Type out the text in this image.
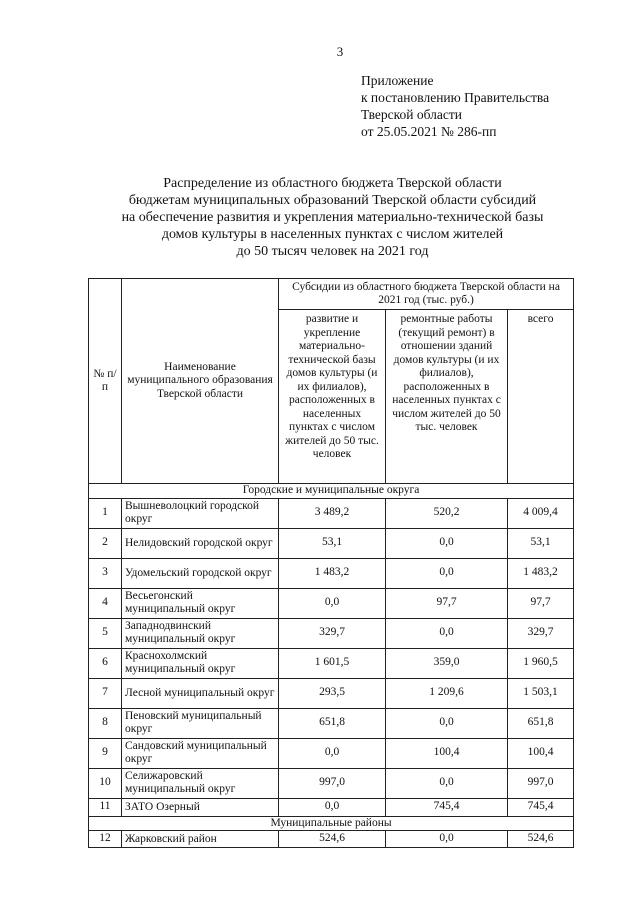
3
Приложение
к постановлению Правительства
Тверской области
от 25.05.2021 № 286-пп
Распределение из областного бюджета Тверской области
бюджетам муниципальных образований Тверской области субсидий
на обеспечение развития и укрепления материально-технической базы
домов культуры в населенных пунктах с числом жителей
до 50 тысяч человек на 2021 год
№ п/п	Наименование муниципального образования Тверской области	Субсидии из областного бюджета Тверской области на 2021 год (тыс. руб.)		
		развитие и укрепление материально-технической базы домов культуры (и их филиалов), расположенных в населенных пунктах с числом жителей до 50 тыс. человек	ремонтные работы (текущий ремонт) в отношении зданий домов культуры (и их филиалов), расположенных в населенных пунктах с числом жителей до 50 тыс. человек	всего
Городские и муниципальные округа				
1	Вышневолоцкий городской округ	3 489,2	520,2	4 009,4
2	Нелидовский городской округ	53,1	0,0	53,1
3	Удомельский городской округ	1 483,2	0,0	1 483,2
4	Весьегонский муниципальный округ	0,0	97,7	97,7
5	Западнодвинский муниципальный округ	329,7	0,0	329,7
6	Краснохолмский муниципальный округ	1 601,5	359,0	1 960,5
7	Лесной муниципальный округ	293,5	1 209,6	1 503,1
8	Пеновский муниципальный округ	651,8	0,0	651,8
9	Сандовский муниципальный округ	0,0	100,4	100,4
10	Селижаровский муниципальный округ	997,0	0,0	997,0
11	ЗАТО Озерный	0,0	745,4	745,4
Муниципальные районы				
12	Жарковский район	524,6	0,0	524,6
